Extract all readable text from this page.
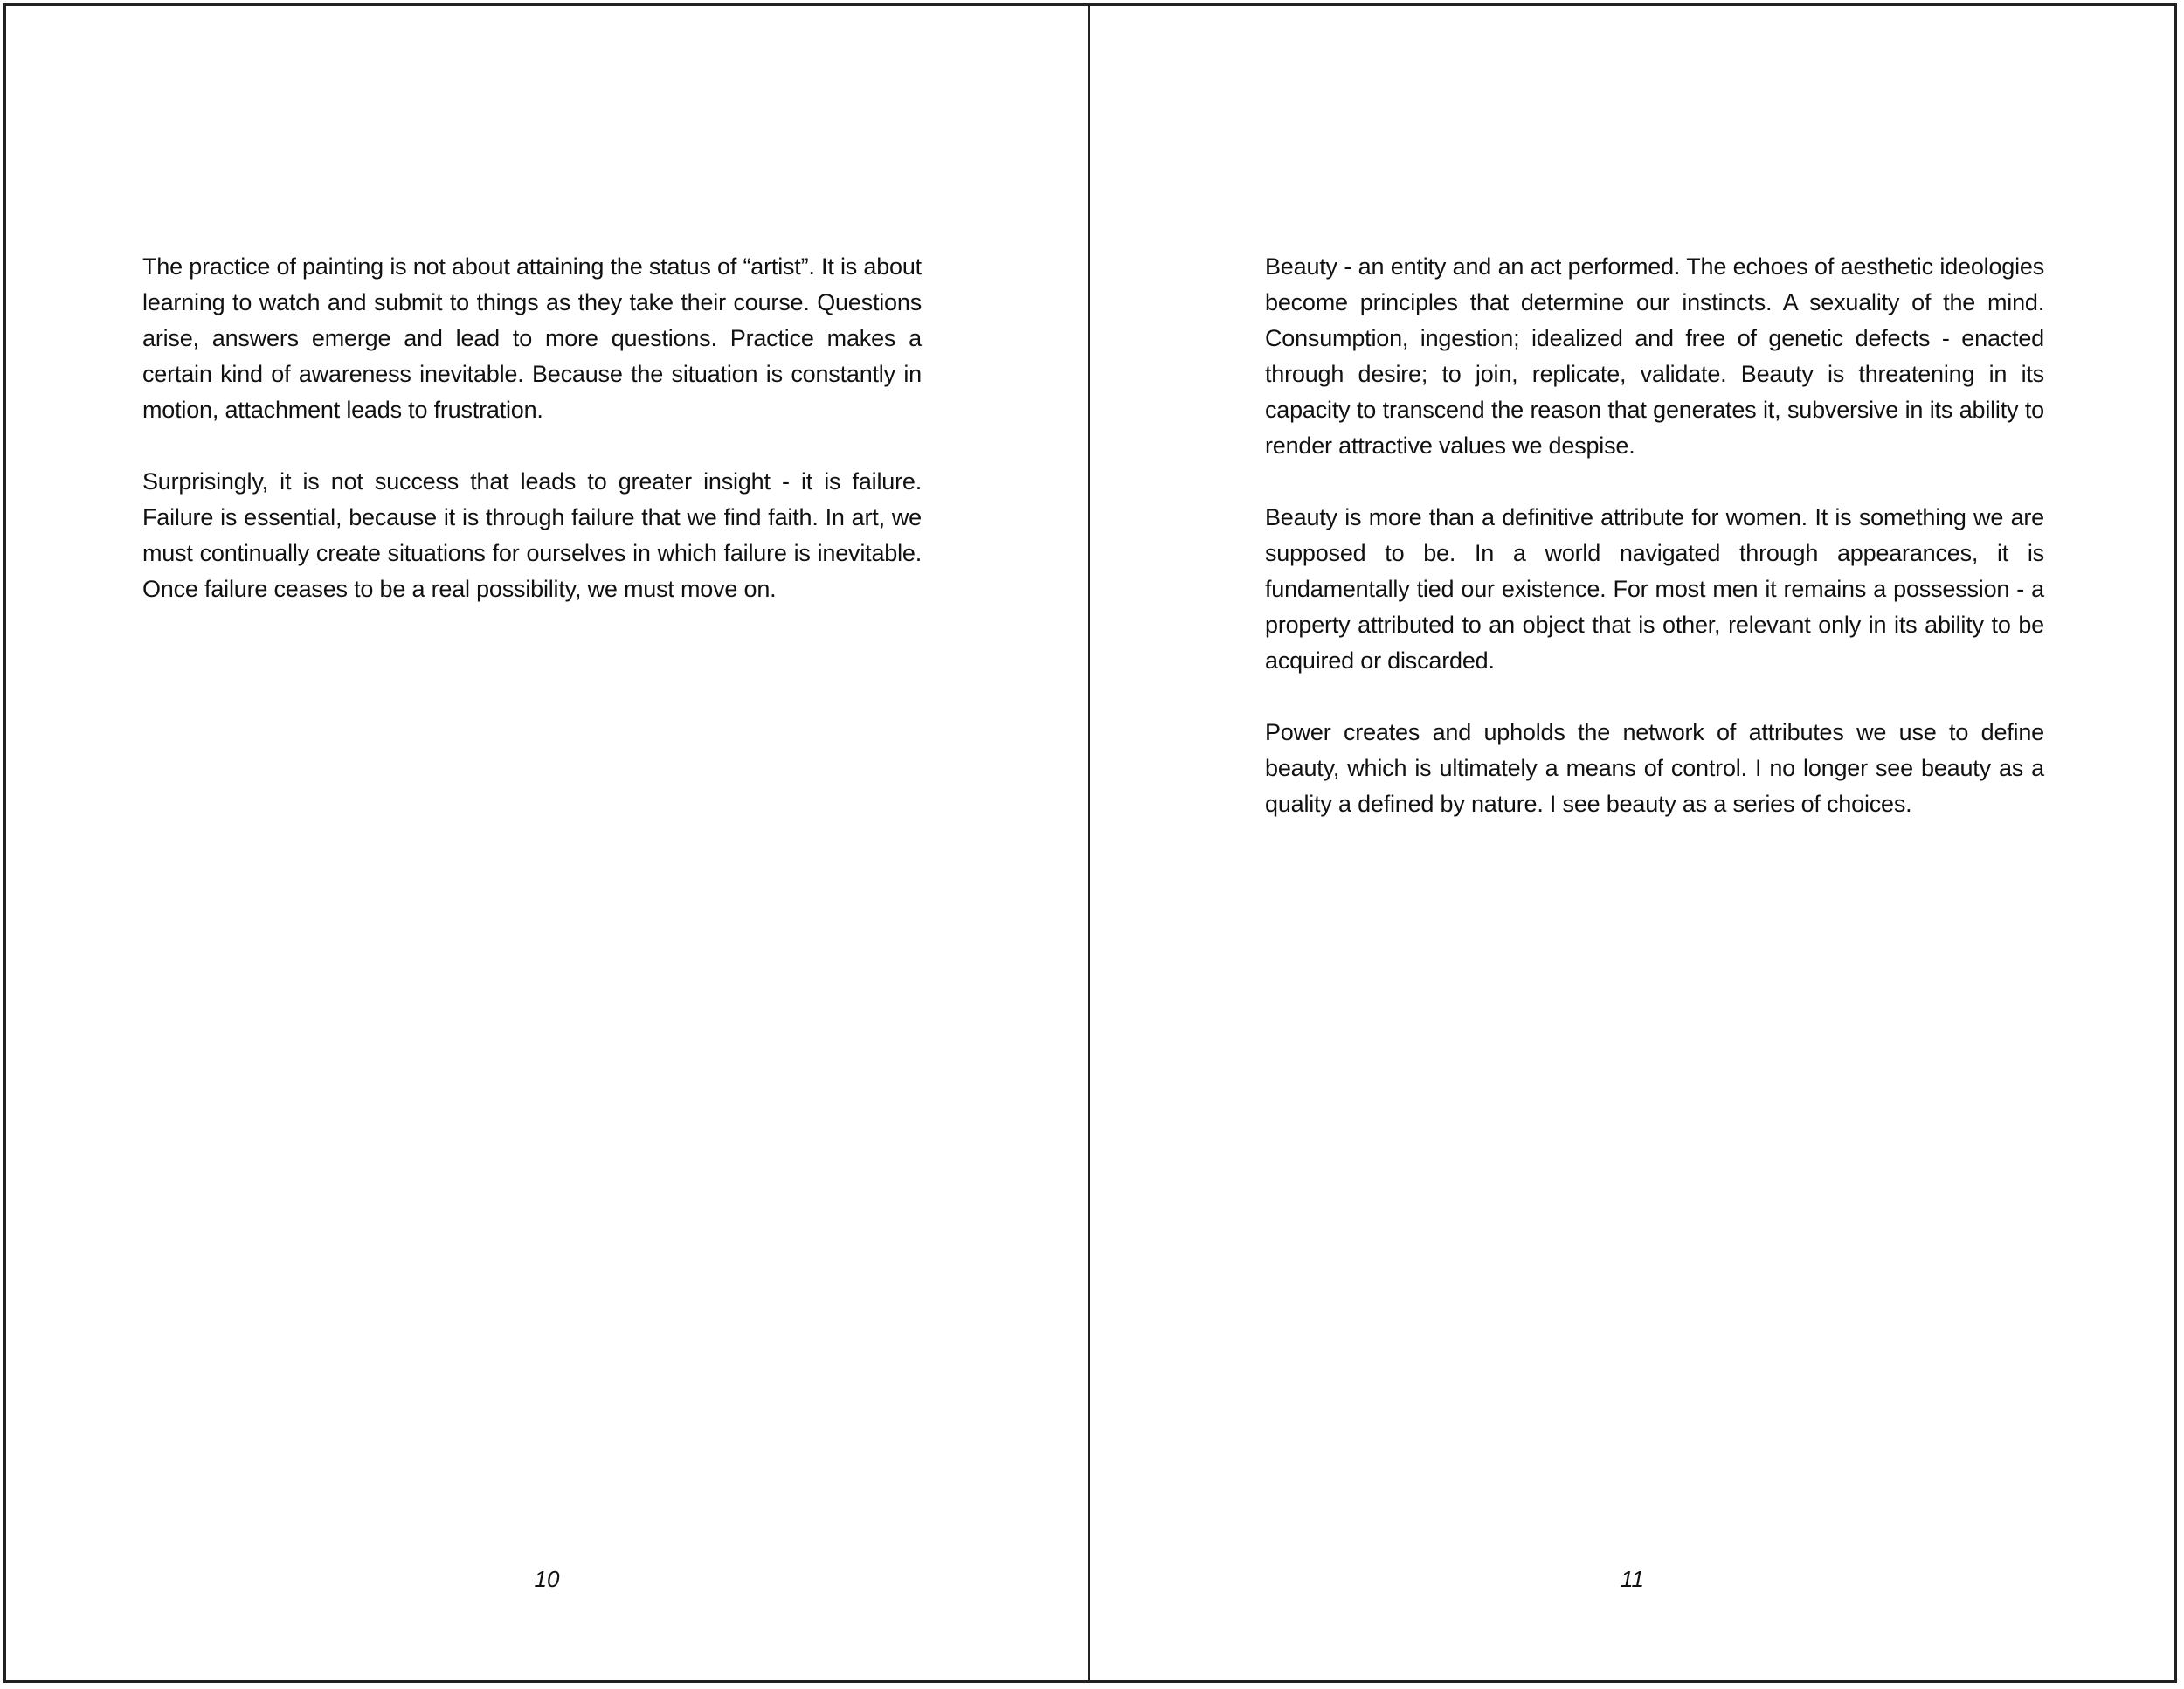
The practice of painting is not about attaining the status of “artist”. It is about learning to watch and submit to things as they take their course. Questions arise, answers emerge and lead to more questions. Practice makes a certain kind of awareness inevitable. Because the situation is constantly in motion, attachment leads to frustration.

Surprisingly, it is not success that leads to greater insight - it is failure. Failure is essential, because it is through failure that we find faith. In art, we must continually create situations for ourselves in which failure is inevitable. Once failure ceases to be a real possibility, we must move on.

10

Beauty - an entity and an act performed. The echoes of aesthetic ideologies become principles that determine our instincts. A sexuality of the mind. Consumption, ingestion; idealized and free of genetic defects - enacted through desire; to join, replicate, validate. Beauty is threatening in its capacity to transcend the reason that generates it, subversive in its ability to render attractive values we despise.

Beauty is more than a definitive attribute for women. It is something we are supposed to be. In a world navigated through appearances, it is fundamentally tied our existence. For most men it remains a possession - a property attributed to an object that is other, relevant only in its ability to be acquired or discarded.

Power creates and upholds the network of attributes we use to define beauty, which is ultimately a means of control. I no longer see beauty as a quality a defined by nature. I see beauty as a series of choices.

11
